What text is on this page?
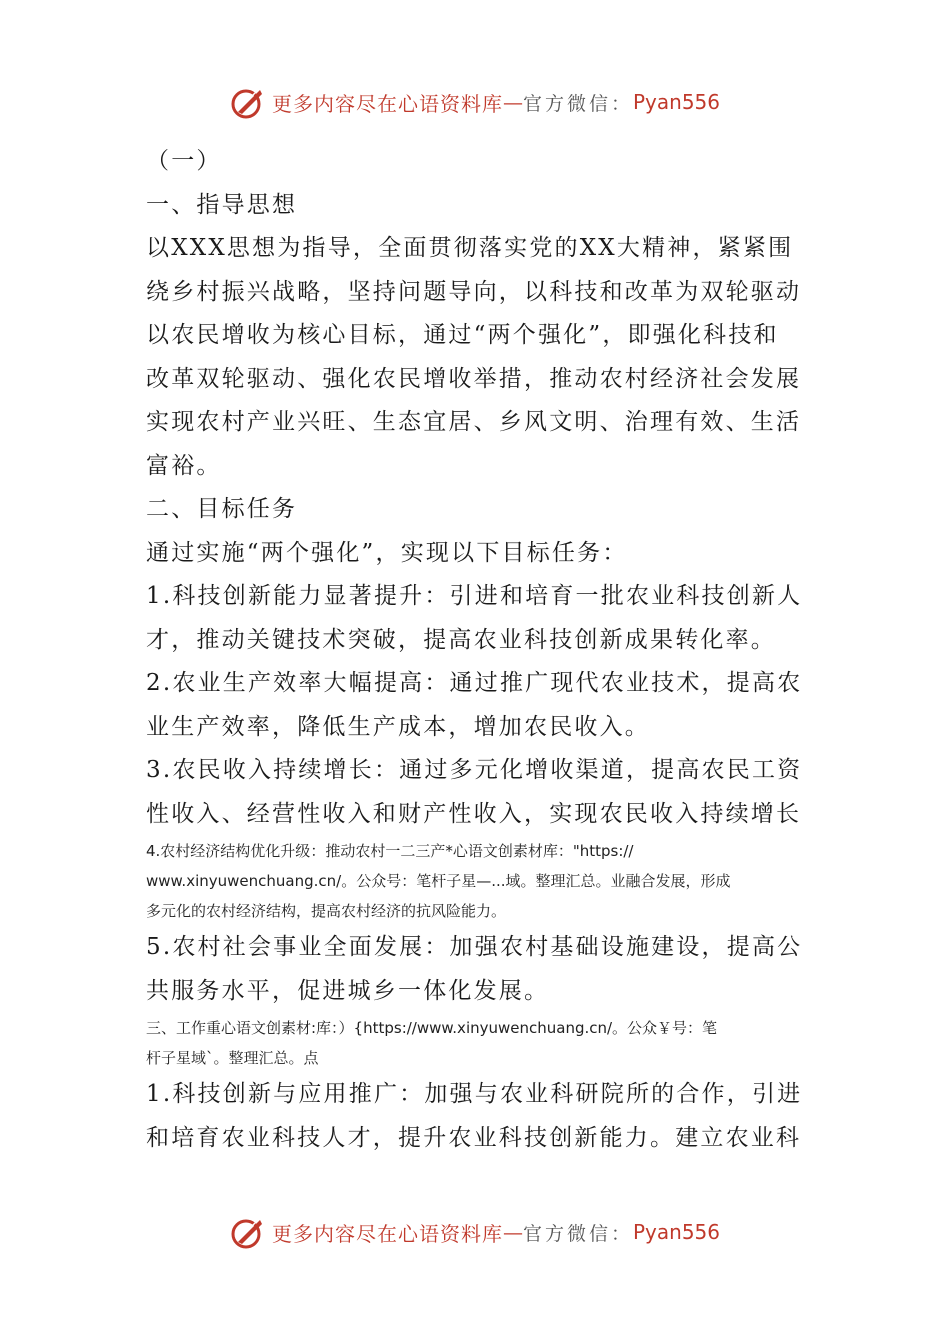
更多内容尽在心语资料库 — 官方微信： Pyan556
（一）
一、指导思想
以XXX思想为指导，全面贯彻落实党的XX大精神，紧紧围
绕乡村振兴战略，坚持问题导向，以科技和改革为双轮驱动
以农民增收为核心目标，通过“两个强化”，即强化科技和
改革双轮驱动、强化农民增收举措，推动农村经济社会发展
实现农村产业兴旺、生态宜居、乡风文明、治理有效、生活
富裕。
二、目标任务
通过实施“两个强化”，实现以下目标任务：
1.科技创新能力显著提升：引进和培育一批农业科技创新人
才，推动关键技术突破，提高农业科技创新成果转化率。
2.农业生产效率大幅提高：通过推广现代农业技术，提高农
业生产效率，降低生产成本，增加农民收入。
3.农民收入持续增长：通过多元化增收渠道，提高农民工资
性收入、经营性收入和财产性收入，实现农民收入持续增长
4.农村经济结构优化升级：推动农村一二三产*心语文创素材库："https://
www.xinyuwenchuang.cn/。公众号：笔杆子星—...域。整理汇总。业融合发展，形成
多元化的农村经济结构，提高农村经济的抗风险能力。
5.农村社会事业全面发展：加强农村基础设施建设，提高公
共服务水平，促进城乡一体化发展。
三、工作重心语文创素材:库：）{https://www.xinyuwenchuang.cn/。公众￥号：笔
杆子星域`。整理汇总。点
1.科技创新与应用推广：加强与农业科研院所的合作，引进
和培育农业科技人才，提升农业科技创新能力。建立农业科
更多内容尽在心语资料库 — 官方微信： Pyan556
